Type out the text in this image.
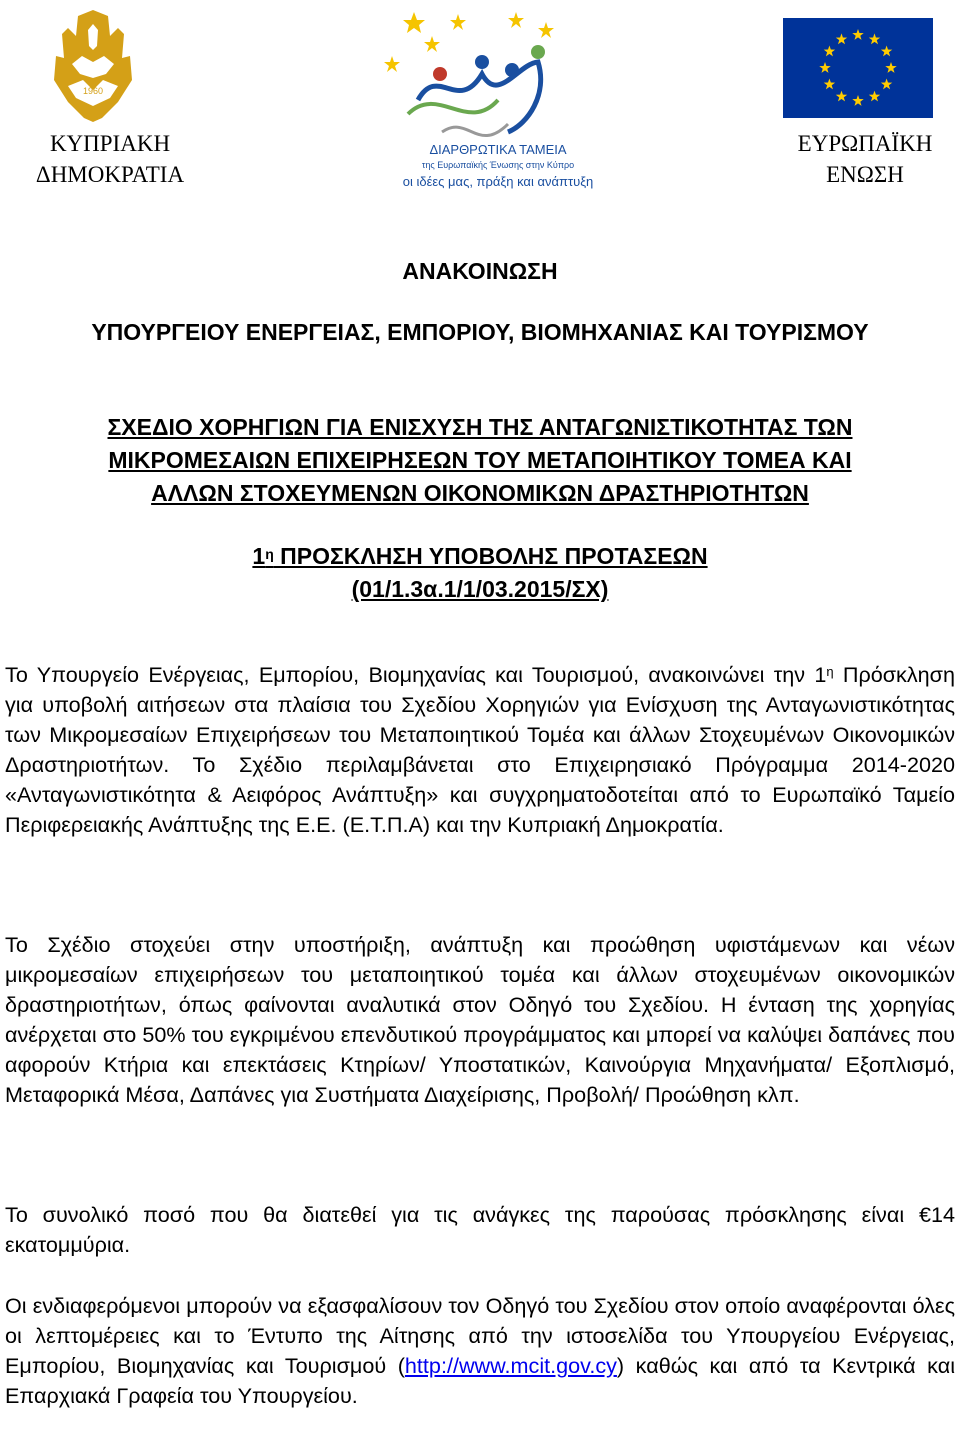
1960
ΚΥΠΡΙΑΚΗ
ΔΗΜΟΚΡΑΤΙΑ
ΔΙΑΡΘΡΩΤΙΚΑ ΤΑΜΕΙΑ
της Ευρωπαϊκής Ένωσης στην Κύπρο
οι ιδέες μας, πράξη και ανάπτυξη
ΕΥΡΩΠΑΪΚΗ
ΕΝΩΣΗ
ΑΝΑΚΟΙΝΩΣΗ
ΥΠΟΥΡΓΕΙΟΥ ΕΝΕΡΓΕΙΑΣ, ΕΜΠΟΡΙΟΥ, ΒΙΟΜΗΧΑΝΙΑΣ ΚΑΙ ΤΟΥΡΙΣΜΟΥ
ΣΧΕΔΙΟ ΧΟΡΗΓΙΩΝ ΓΙΑ ΕΝΙΣΧΥΣΗ ΤΗΣ ΑΝΤΑΓΩΝΙΣΤΙΚΟΤΗΤΑΣ ΤΩΝ
ΜΙΚΡΟΜΕΣΑΙΩΝ ΕΠΙΧΕΙΡΗΣΕΩΝ ΤΟΥ ΜΕΤΑΠΟΙΗΤΙΚΟΥ ΤΟΜΕΑ ΚΑΙ
ΑΛΛΩΝ ΣΤΟΧΕΥΜΕΝΩΝ ΟΙΚΟΝΟΜΙΚΩΝ ΔΡΑΣΤΗΡΙΟΤΗΤΩΝ
$1^\eta$ ΠΡΟΣΚΛΗΣΗ ΥΠΟΒΟΛΗΣ ΠΡΟΤΑΣΕΩΝ
(01/1.3α.1/1/03.2015/ΣΧ)
Το Υπουργείο Ενέργειας, Εμπορίου, Βιομηχανίας και Τουρισμού, ανακοινώνει την $1^\eta$ Πρόσκληση για υποβολή αιτήσεων στα πλαίσια του Σχεδίου Χορηγιών για Ενίσχυση της Ανταγωνιστικότητας των Μικρομεσαίων Επιχειρήσεων του Μεταποιητικού Τομέα και άλλων Στοχευμένων Οικονομικών Δραστηριοτήτων. Το Σχέδιο περιλαμβάνεται στο Επιχειρησιακό Πρόγραμμα 2014-2020 «Ανταγωνιστικότητα & Αειφόρος Ανάπτυξη» και συγχρηματοδοτείται από το Ευρωπαϊκό Ταμείο Περιφερειακής Ανάπτυξης της Ε.Ε. (Ε.Τ.Π.Α) και την Κυπριακή Δημοκρατία.
Το Σχέδιο στοχεύει στην υποστήριξη, ανάπτυξη και προώθηση υφιστάμενων και νέων μικρομεσαίων επιχειρήσεων του μεταποιητικού τομέα και άλλων στοχευμένων οικονομικών δραστηριοτήτων, όπως φαίνονται αναλυτικά στον Οδηγό του Σχεδίου. Η ένταση της χορηγίας ανέρχεται στο 50% του εγκριμένου επενδυτικού προγράμματος και μπορεί να καλύψει δαπάνες που αφορούν Κτήρια και επεκτάσεις Κτηρίων/ Υποστατικών, Καινούργια Μηχανήματα/ Εξοπλισμό, Μεταφορικά Μέσα, Δαπάνες για Συστήματα Διαχείρισης, Προβολή/ Προώθηση κλπ.
Το συνολικό ποσό που θα διατεθεί για τις ανάγκες της παρούσας πρόσκλησης είναι €14 εκατομμύρια.
Οι ενδιαφερόμενοι μπορούν να εξασφαλίσουν τον Οδηγό του Σχεδίου στον οποίο αναφέρονται όλες οι λεπτομέρειες και το Έντυπο της Αίτησης από την ιστοσελίδα του Υπουργείου Ενέργειας, Εμπορίου, Βιομηχανίας και Τουρισμού (http://www.mcit.gov.cy) καθώς και από τα Κεντρικά και Επαρχιακά Γραφεία του Υπουργείου.
